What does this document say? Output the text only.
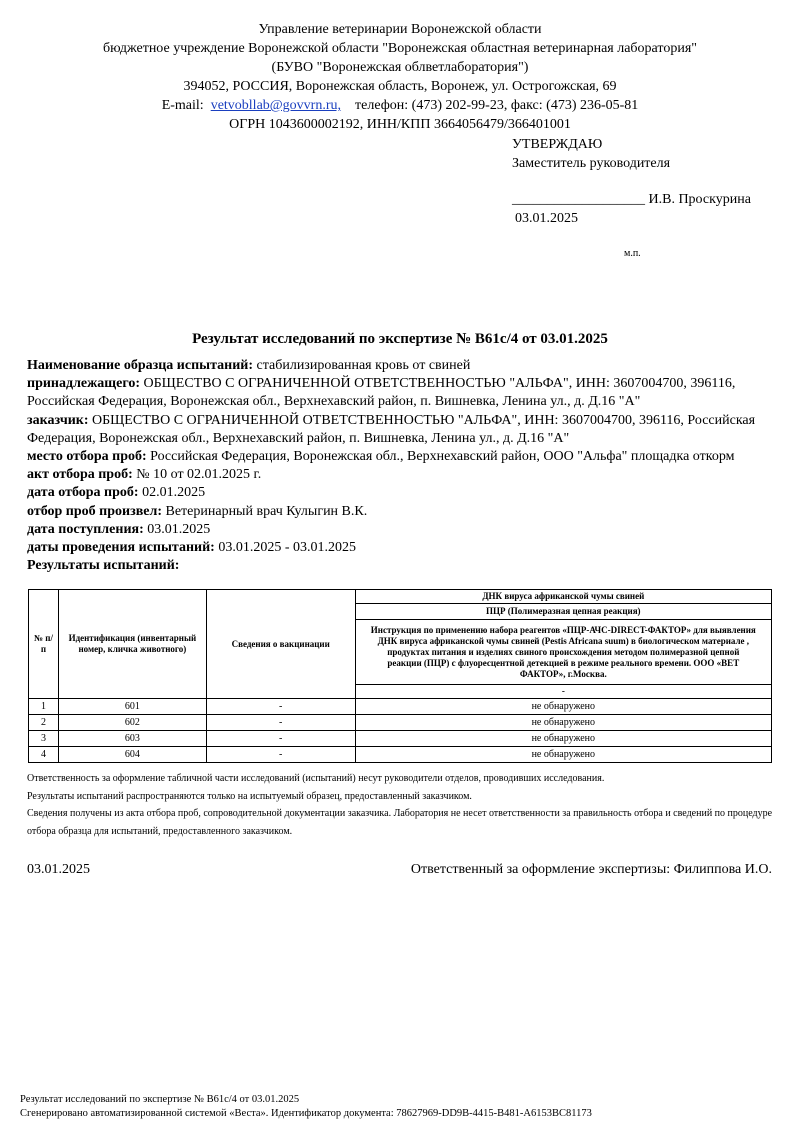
Управление ветеринарии Воронежской области
бюджетное учреждение Воронежской области "Воронежская областная ветеринарная лаборатория"
(БУВО "Воронежская облветлаборатория")
394052, РОССИЯ, Воронежская область, Воронеж, ул. Острогожская, 69
E-mail: vetvobllab@govvrn.ru, телефон: (473) 202-99-23, факс: (473) 236-05-81
ОГРН 1043600002192, ИНН/КПП 3664056479/366401001
УТВЕРЖДАЮ
Заместитель руководителя
___________________ И.В. Проскурина
03.01.2025
м.п.
Результат исследований по экспертизе № В61с/4 от 03.01.2025

Наименование образца испытаний: стабилизированная кровь от свиней

принадлежащего: ОБЩЕСТВО С ОГРАНИЧЕННОЙ ОТВЕТСТВЕННОСТЬЮ "АЛЬФА", ИНН: 3607004700, 396116, Российская Федерация, Воронежская обл., Верхнехавский район, п. Вишневка, Ленина ул., д. Д.16 "А"

заказчик: ОБЩЕСТВО С ОГРАНИЧЕННОЙ ОТВЕТСТВЕННОСТЬЮ "АЛЬФА", ИНН: 3607004700, 396116, Российская Федерация, Воронежская обл., Верхнехавский район, п. Вишневка, Ленина ул., д. Д.16 "А"

место отбора проб: Российская Федерация, Воронежская обл., Верхнехавский район, ООО "Альфа" площадка откорм

акт отбора проб: № 10 от 02.01.2025 г.

дата отбора проб: 02.01.2025

отбор проб произвел: Ветеринарный врач Кулыгин В.К.

дата поступления: 03.01.2025

даты проведения испытаний: 03.01.2025 - 03.01.2025

Результаты испытаний:

№ п/п	Идентификация (инвентарный номер, кличка животного)	Сведения о вакцинации	ДНК вируса африканской чумы свиней
			ПЦР (Полимеразная цепная реакция)
			Инструкция по применению набора реагентов «ПЦР-АЧС-DIRECT-ФАКТОР» для выявления ДНК вируса африканской чумы свиней (Pestis Africana suum) в биологическом материале , продуктах питания и изделиях свиного происхождения методом полимеразной цепной реакции (ПЦР) с флуоресцентной детекцией в режиме реального времени. ООО «ВЕТ ФАКТОР», г.Москва.
			-
1	601	-	не обнаружено
2	602	-	не обнаружено
3	603	-	не обнаружено
4	604	-	не обнаружено

Ответственность за оформление табличной части исследований (испытаний) несут руководители отделов, проводивших исследования.

Результаты испытаний распространяются только на испытуемый образец, предоставленный заказчиком.

Сведения получены из акта отбора проб, сопроводительной документации заказчика. Лаборатория не несет ответственности за правильность отбора и сведений по процедуре отбора образца для испытаний, предоставленного заказчиком.

03.01.2025	Ответственный за оформление экспертизы: Филиппова И.О.
Результат исследований по экспертизе № В61с/4 от 03.01.2025
Сгенерировано автоматизированной системой «Веста». Идентификатор документа: 78627969-DD9B-4415-B481-A6153BC81173
